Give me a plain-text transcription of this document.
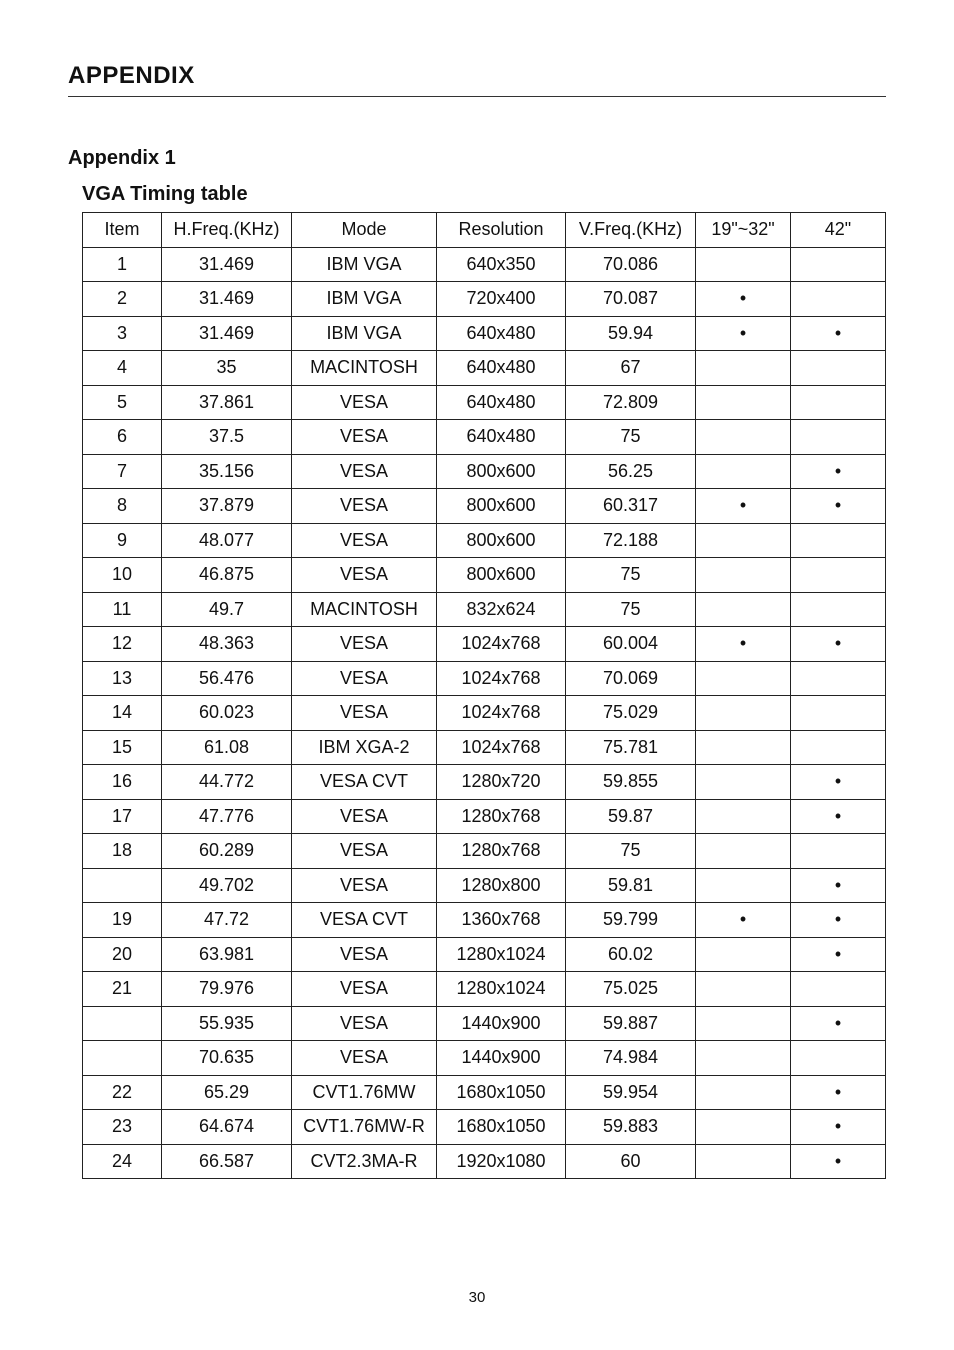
APPENDIX
Appendix 1
VGA Timing table
Item	H.Freq.(KHz)	Mode	Resolution	V.Freq.(KHz)	19"~32"	42"
1	31.469	IBM VGA	640x350	70.086		
2	31.469	IBM VGA	720x400	70.087	•	
3	31.469	IBM VGA	640x480	59.94	•	•
4	35	MACINTOSH	640x480	67		
5	37.861	VESA	640x480	72.809		
6	37.5	VESA	640x480	75		
7	35.156	VESA	800x600	56.25		•
8	37.879	VESA	800x600	60.317	•	•
9	48.077	VESA	800x600	72.188		
10	46.875	VESA	800x600	75		
11	49.7	MACINTOSH	832x624	75		
12	48.363	VESA	1024x768	60.004	•	•
13	56.476	VESA	1024x768	70.069		
14	60.023	VESA	1024x768	75.029		
15	61.08	IBM XGA-2	1024x768	75.781		
16	44.772	VESA CVT	1280x720	59.855		•
17	47.776	VESA	1280x768	59.87		•
18	60.289	VESA	1280x768	75		
	49.702	VESA	1280x800	59.81		•
19	47.72	VESA CVT	1360x768	59.799	•	•
20	63.981	VESA	1280x1024	60.02		•
21	79.976	VESA	1280x1024	75.025		
	55.935	VESA	1440x900	59.887		•
	70.635	VESA	1440x900	74.984		
22	65.29	CVT1.76MW	1680x1050	59.954		•
23	64.674	CVT1.76MW-R	1680x1050	59.883		•
24	66.587	CVT2.3MA-R	1920x1080	60		•
30
